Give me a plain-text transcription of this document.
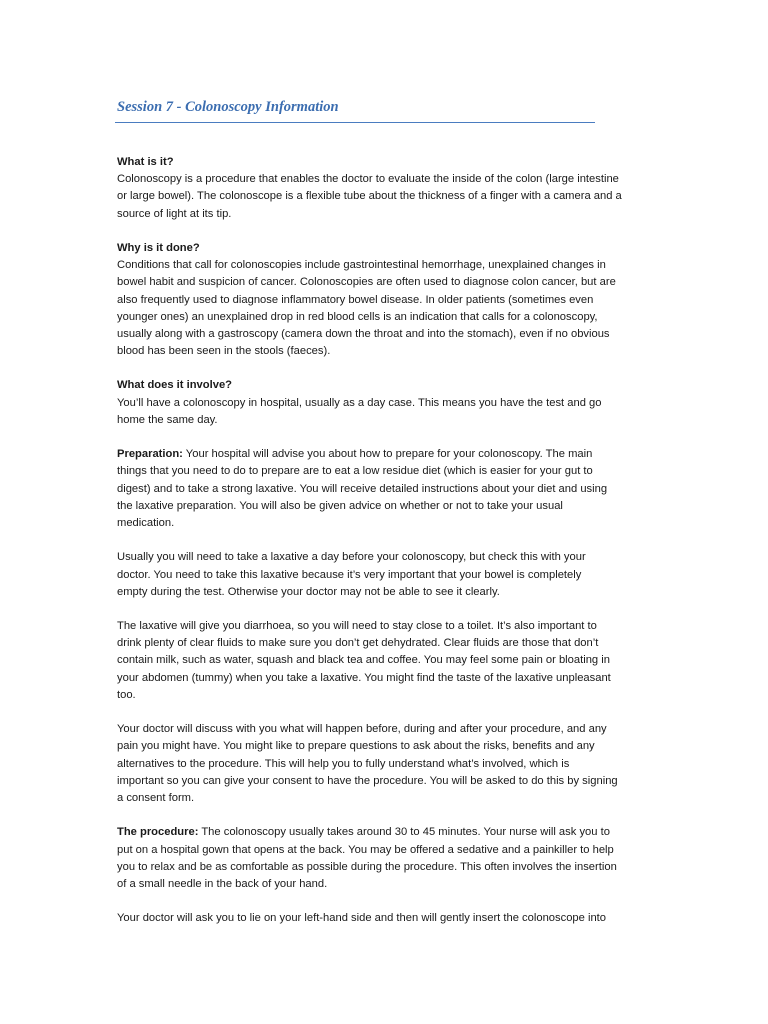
Session 7 - Colonoscopy Information
What is it?
Colonoscopy is a procedure that enables the doctor to evaluate the inside of the colon (large intestine
or large bowel). The colonoscope is a flexible tube about the thickness of a finger with a camera and a
source of light at its tip.
Why is it done?
Conditions that call for colonoscopies include gastrointestinal hemorrhage, unexplained changes in
bowel habit and suspicion of cancer. Colonoscopies are often used to diagnose colon cancer, but are
also frequently used to diagnose inflammatory bowel disease. In older patients (sometimes even
younger ones) an unexplained drop in red blood cells is an indication that calls for a colonoscopy,
usually along with a gastroscopy (camera down the throat and into the stomach), even if no obvious
blood has been seen in the stools (faeces).
What does it involve?
You’ll have a colonoscopy in hospital, usually as a day case. This means you have the test and go
home the same day.
Preparation: Your hospital will advise you about how to prepare for your colonoscopy. The main
things that you need to do to prepare are to eat a low residue diet (which is easier for your gut to
digest) and to take a strong laxative. You will receive detailed instructions about your diet and using
the laxative preparation. You will also be given advice on whether or not to take your usual
medication.
Usually you will need to take a laxative a day before your colonoscopy, but check this with your
doctor. You need to take this laxative because it’s very important that your bowel is completely
empty during the test. Otherwise your doctor may not be able to see it clearly.
The laxative will give you diarrhoea, so you will need to stay close to a toilet. It’s also important to
drink plenty of clear fluids to make sure you don’t get dehydrated. Clear fluids are those that don’t
contain milk, such as water, squash and black tea and coffee. You may feel some pain or bloating in
your abdomen (tummy) when you take a laxative. You might find the taste of the laxative unpleasant
too.
Your doctor will discuss with you what will happen before, during and after your procedure, and any
pain you might have. You might like to prepare questions to ask about the risks, benefits and any
alternatives to the procedure. This will help you to fully understand what’s involved, which is
important so you can give your consent to have the procedure. You will be asked to do this by signing
a consent form.
The procedure: The colonoscopy usually takes around 30 to 45 minutes. Your nurse will ask you to
put on a hospital gown that opens at the back. You may be offered a sedative and a painkiller to help
you to relax and be as comfortable as possible during the procedure. This often involves the insertion
of a small needle in the back of your hand.
Your doctor will ask you to lie on your left-hand side and then will gently insert the colonoscope into
